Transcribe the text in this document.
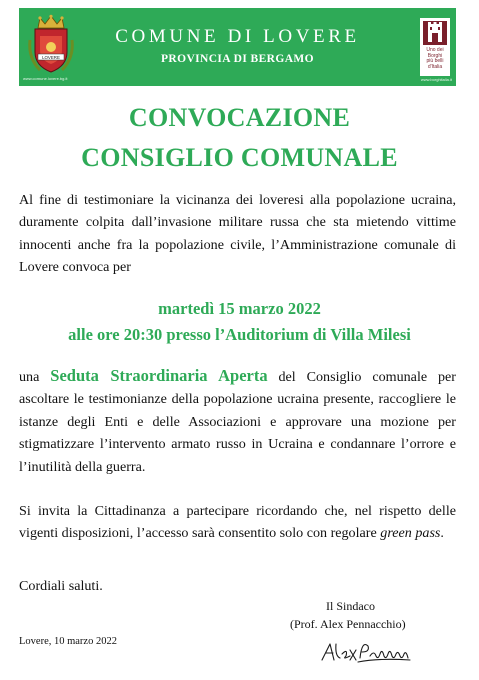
LOVERE
www.comune.lovere.bg.it
COMUNE DI LOVERE
PROVINCIA DI BERGAMO
Uno dei
Borghi
più belli
d'Italia
www.borghitalia.it
CONVOCAZIONE
CONSIGLIO COMUNALE
Al fine di testimoniare la vicinanza dei loveresi alla popolazione ucraina, duramente colpita dall’invasione militare russa che sta mietendo vittime innocenti anche fra la popolazione civile, l’Amministrazione comunale di Lovere convoca per
martedì 15 marzo 2022
alle ore 20:30 presso l’Auditorium di Villa Milesi
una Seduta Straordinaria Aperta del Consiglio comunale per ascoltare le testimonianze della popolazione ucraina presente, raccogliere le istanze degli Enti e delle Associazioni e approvare una mozione per stigmatizzare l’intervento armato russo in Ucraina e condannare l’orrore e l’inutilità della guerra.
Si invita la Cittadinanza a partecipare ricordando che, nel rispetto delle vigenti disposizioni, l’accesso sarà consentito solo con regolare green pass.
Cordiali saluti.
Il Sindaco
(Prof. Alex Pennacchio)
Lovere, 10 marzo 2022
